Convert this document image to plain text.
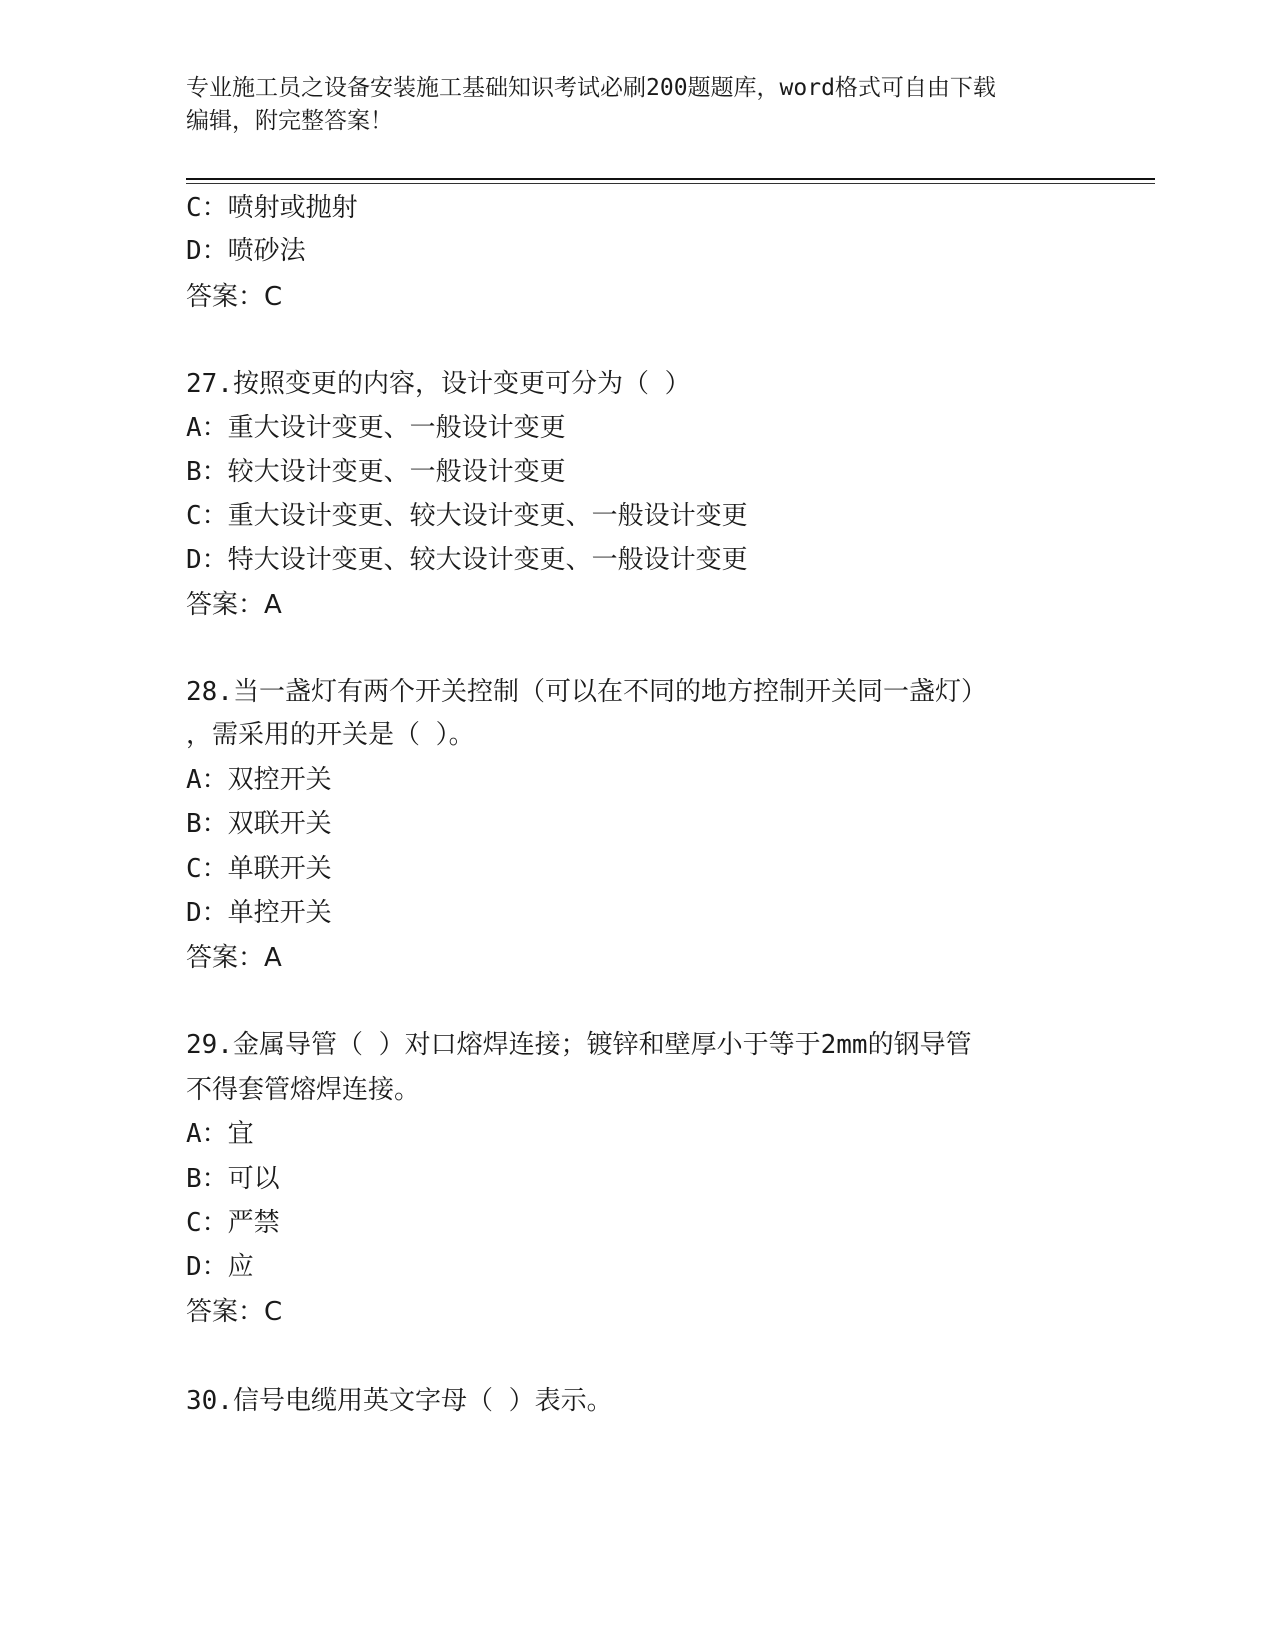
专业施工员之设备安装施工基础知识考试必刷200题题库，word格式可自由下载
编辑，附完整答案！
C：喷射或抛射
D：喷砂法
答案：C
27.按照变更的内容，设计变更可分为（ ）
A：重大设计变更、一般设计变更
B：较大设计变更、一般设计变更
C：重大设计变更、较大设计变更、一般设计变更
D：特大设计变更、较大设计变更、一般设计变更
答案：A
28.当一盏灯有两个开关控制（可以在不同的地方控制开关同一盏灯）
，需采用的开关是（ ）。
A：双控开关
B：双联开关
C：单联开关
D：单控开关
答案：A
29.金属导管（ ）对口熔焊连接；镀锌和壁厚小于等于2mm的钢导管
不得套管熔焊连接。
A：宜
B：可以
C：严禁
D：应
答案：C
30.信号电缆用英文字母（ ）表示。
